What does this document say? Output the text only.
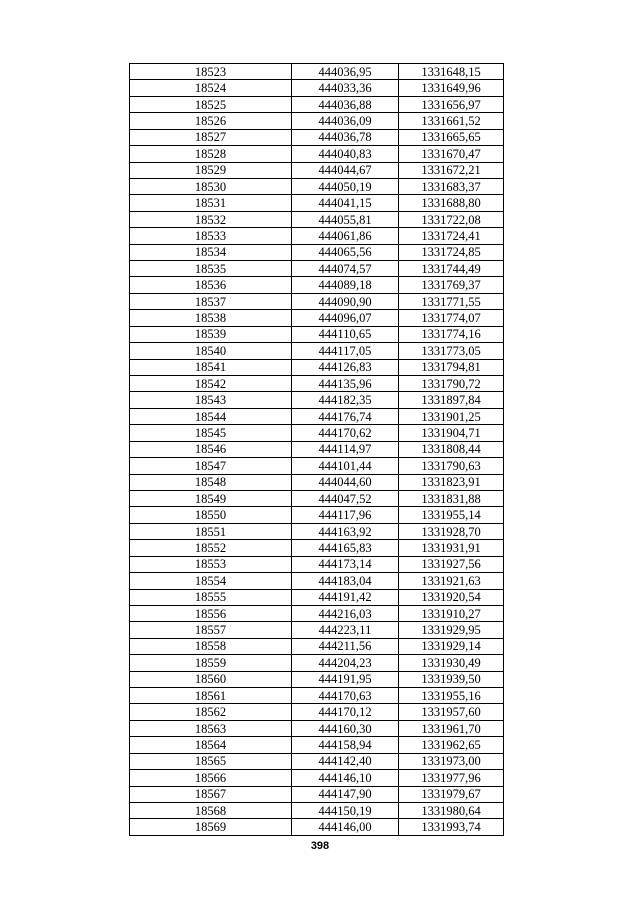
18523	444036,95	1331648,15
18524	444033,36	1331649,96
18525	444036,88	1331656,97
18526	444036,09	1331661,52
18527	444036,78	1331665,65
18528	444040,83	1331670,47
18529	444044,67	1331672,21
18530	444050,19	1331683,37
18531	444041,15	1331688,80
18532	444055,81	1331722,08
18533	444061,86	1331724,41
18534	444065,56	1331724,85
18535	444074,57	1331744,49
18536	444089,18	1331769,37
18537	444090,90	1331771,55
18538	444096,07	1331774,07
18539	444110,65	1331774,16
18540	444117,05	1331773,05
18541	444126,83	1331794,81
18542	444135,96	1331790,72
18543	444182,35	1331897,84
18544	444176,74	1331901,25
18545	444170,62	1331904,71
18546	444114,97	1331808,44
18547	444101,44	1331790,63
18548	444044,60	1331823,91
18549	444047,52	1331831,88
18550	444117,96	1331955,14
18551	444163,92	1331928,70
18552	444165,83	1331931,91
18553	444173,14	1331927,56
18554	444183,04	1331921,63
18555	444191,42	1331920,54
18556	444216,03	1331910,27
18557	444223,11	1331929,95
18558	444211,56	1331929,14
18559	444204,23	1331930,49
18560	444191,95	1331939,50
18561	444170,63	1331955,16
18562	444170,12	1331957,60
18563	444160,30	1331961,70
18564	444158,94	1331962,65
18565	444142,40	1331973,00
18566	444146,10	1331977,96
18567	444147,90	1331979,67
18568	444150,19	1331980,64
18569	444146,00	1331993,74
398
